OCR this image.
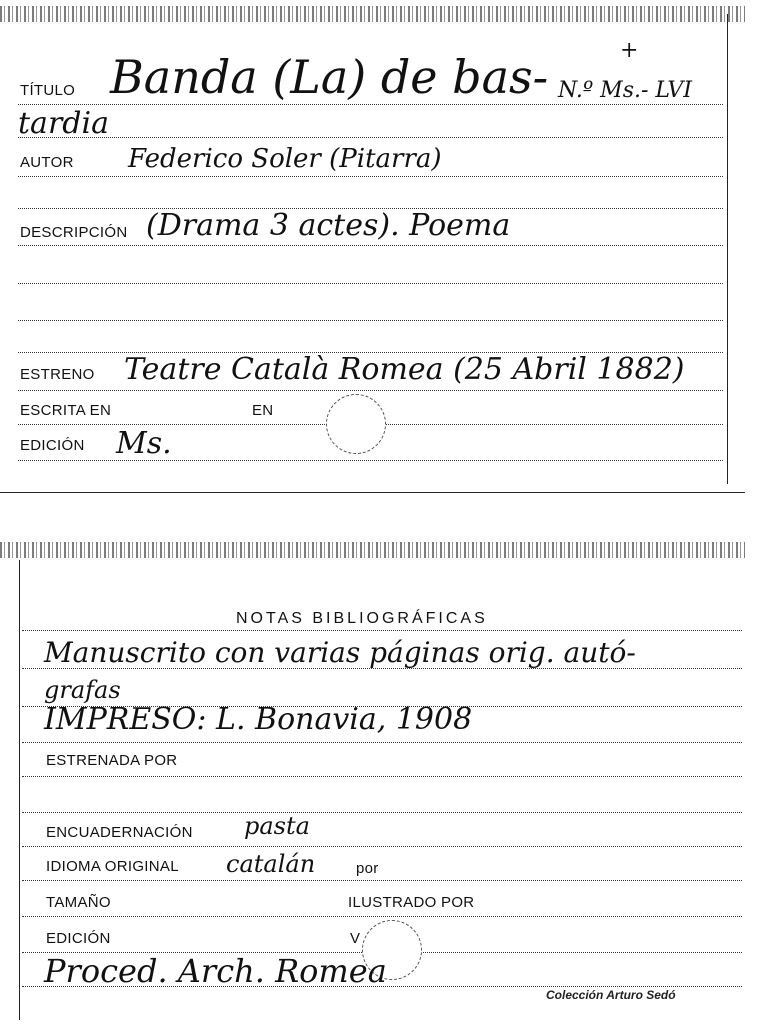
TÍTULO Banda (La) de bas-	+
N.º Ms.- LVI
tardia
AUTOR Federico Soler (Pitarra)
DESCRIPCIÓN (Drama 3 actes). Poema
ESTRENO Teatre Català Romea (25 Abril 1882)
ESCRITA EN	EN
EDICIÓN Ms.
NOTAS BIBLIOGRÁFICAS
Manuscrito con varias páginas orig. autó-
grafas
IMPRESO: L. Bonavia, 1908
ESTRENADA POR
ENCUADERNACIÓN pasta
IDIOMA ORIGINAL catalán	por
TAMAÑO	ILUSTRADO POR
EDICIÓN	V
Proced. Arch. Romea
Colección Arturo Sedó
